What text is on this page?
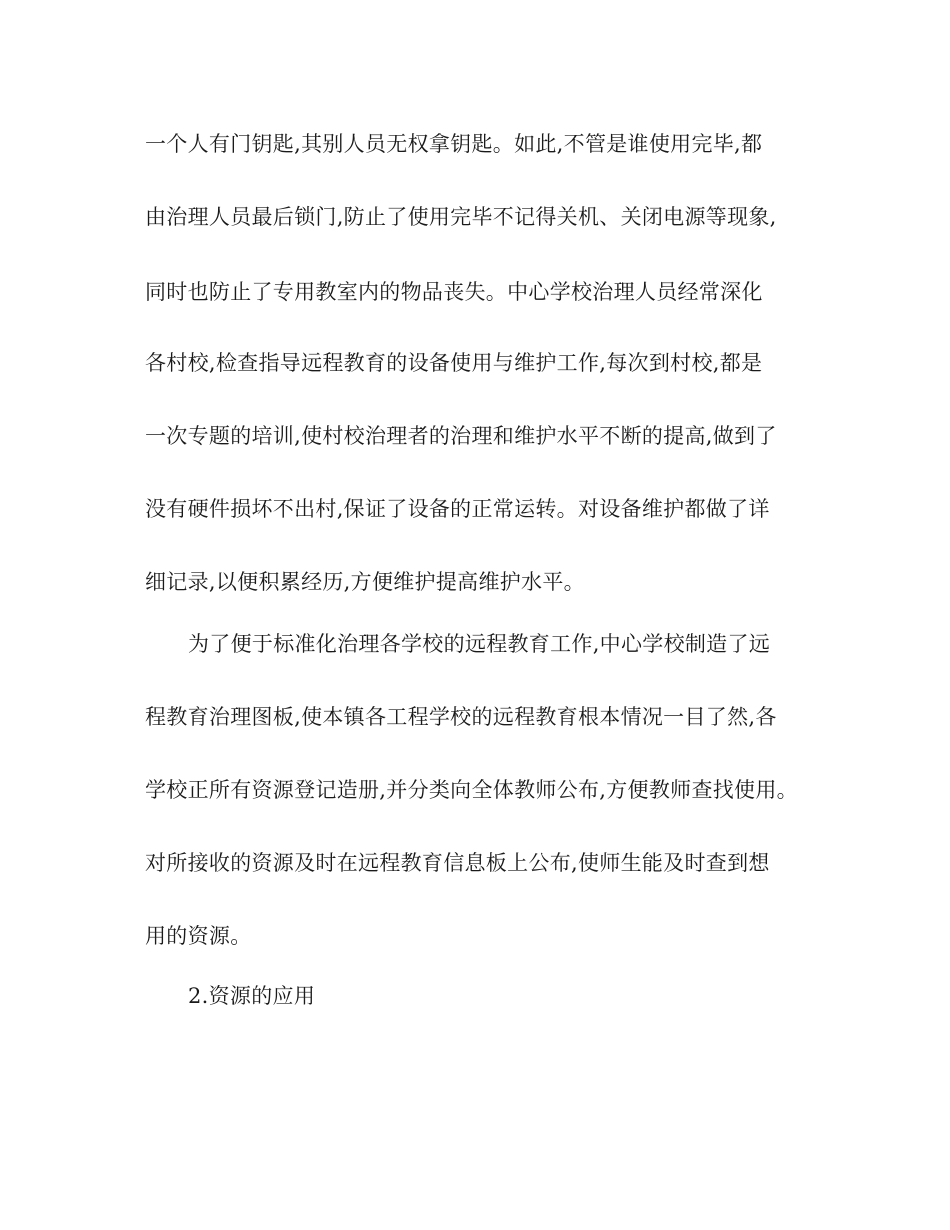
一个人有门钥匙,其别人员无权拿钥匙。如此,不管是谁使用完毕,都
由治理人员最后锁门,防止了使用完毕不记得关机、关闭电源等现象,
同时也防止了专用教室内的物品丧失。中心学校治理人员经常深化
各村校,检查指导远程教育的设备使用与维护工作,每次到村校,都是
一次专题的培训,使村校治理者的治理和维护水平不断的提高,做到了
没有硬件损坏不出村,保证了设备的正常运转。对设备维护都做了详
细记录,以便积累经历,方便维护提高维护水平。
为了便于标准化治理各学校的远程教育工作,中心学校制造了远
程教育治理图板,使本镇各工程学校的远程教育根本情况一目了然,各
学校正所有资源登记造册,并分类向全体教师公布,方便教师查找使用。
对所接收的资源及时在远程教育信息板上公布,使师生能及时查到想
用的资源。
2.资源的应用
